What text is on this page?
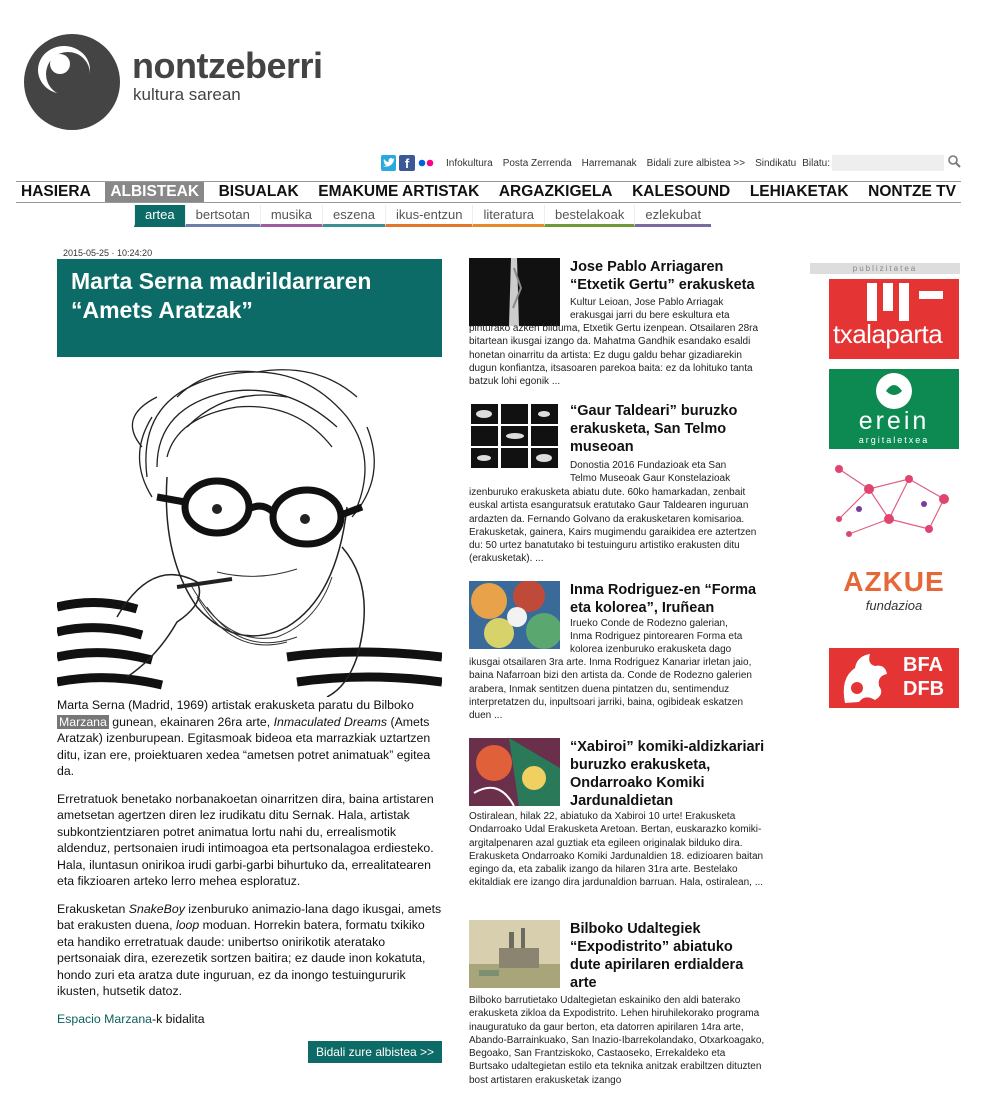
nontzeberri
kultura sarean
f	Infokultura Posta Zerrenda Harremanak Bidali zure albistea >> Sindikatu Bilatu:
HASIERA	ALBISTEAK	BISUALAK	EMAKUME ARTISTAK	ARGAZKIGELA	KALESOUND	LEHIAKETAK	NONTZE TV
artea	bertsotan	musika	eszena	ikus-entzun	literatura	bestelakoak	ezlekubat
2015-05-25 · 10:24:20
Marta Serna madrildarraren “Amets Aratzak”

Marta Serna (Madrid, 1969) artistak erakusketa paratu du Bilboko Marzana gunean, ekainaren 26ra arte, Inmaculated Dreams (Amets Aratzak) izenburupean. Egitasmoak bideoa eta marrazkiak uztartzen ditu, izan ere, proiektuaren xedea “ametsen potret animatuak” egitea da.

Erretratuok benetako norbanakoetan oinarritzen dira, baina artistaren ametsetan agertzen diren lez irudikatu ditu Sernak. Hala, artistak subkontzientziaren potret animatua lortu nahi du, errealismotik aldenduz, pertsonaien irudi intimoagoa eta pertsonalagoa erdiesteko. Hala, iluntasun onirikoa irudi garbi-garbi bihurtuko da, errealitatearen eta fikzioaren arteko lerro mehea esploratuz.

Erakusketan SnakeBoy izenburuko animazio-lana dago ikusgai, amets bat erakusten duena, loop moduan. Horrekin batera, formatu txikiko eta handiko erretratuak daude: unibertso onirikotik ateratako pertsonaiak dira, ezerezetik sortzen baitira; ez daude inon kokatuta, hondo zuri eta aratza dute inguruan, ez da inongo testuingururik ikusten, hutsetik datoz.

Espacio Marzana-k bidalita

Bidali zure albistea >>
Jose Pablo Arriagaren “Etxetik Gertu” erakusketa
Kultur Leioan, Jose Pablo Arriagak
erakusgai jarri du bere eskultura eta
pinturako azken bilduma, Etxetik Gertu izenpean. Otsailaren 28ra bitartean ikusgai izango da. Mahatma Gandhik esandako esaldi honetan oinarritu da artista: Ez dugu galdu behar gizadiarekin dugun konfiantza, itsasoaren parekoa baita: ez da lohituko tanta batzuk lohi egonik ...
“Gaur Taldeari” buruzko erakusketa, San Telmo museoan
Donostia 2016 Fundazioak eta San
Telmo Museoak Gaur Konstelazioak
izenburuko erakusketa abiatu dute. 60ko hamarkadan, zenbait euskal artista esanguratsuk eratutako Gaur Taldearen inguruan ardazten da. Fernando Golvano da erakusketaren komisarioa. Erakusketak, gainera, Kairs mugimendu garaikidea ere aztertzen du: 50 urtez banatutako bi testuinguru artistiko erakusten ditu (erakusketak). ...
Inma Rodriguez-en “Forma eta kolorea”, Iruñean
Irueko Conde de Rodezno galerian,
Inma Rodriguez pintorearen Forma eta
kolorea izenburuko erakusketa dago
ikusgai otsailaren 3ra arte. Inma Rodriguez Kanariar irletan jaio, baina Nafarroan bizi den artista da. Conde de Rodezno galerien arabera, Inmak sentitzen duena pintatzen du, sentimenduz interpretatzen du, inpultsoari jarriki, baina, ogibideak eskatzen duen ...
“Xabiroi” komiki-aldizkariari buruzko erakusketa, Ondarroako Komiki Jardunaldietan
Ostiralean, hilak 22, abiatuko da Xabiroi 10 urte! Erakusketa Ondarroako Udal Erakusketa Aretoan. Bertan, euskarazko komiki-argitalpenaren azal guztiak eta egileen originalak bilduko dira. Erakusketa Ondarroako Komiki Jardunaldien 18. edizioaren baitan egingo da, eta zabalik izango da hilaren 31ra arte. Bestelako ekitaldiak ere izango dira jardunaldion barruan. Hala, ostiralean, ...
Bilboko Udaltegiek “Expodistrito” abiatuko dute apirilaren erdialdera arte
Bilboko barrutietako Udaltegietan eskainiko den aldi baterako erakusketa zikloa da Expodistrito. Lehen hiruhilekorako programa inauguratuko da gaur berton, eta datorren apirilaren 14ra arte, Abando-Barrainkuako, San Inazio-Ibarrekolandako, Otxarkoagako, Begoako, San Frantziskoko, Castaoseko, Errekaldeko eta Burtsako udaltegietan estilo eta teknika anitzak erabiltzen dituzten bost artistaren erakusketak izango
publizitatea
txalaparta
erein
argitaletxea
AZKUE
fundazioa
BFA
DFB
